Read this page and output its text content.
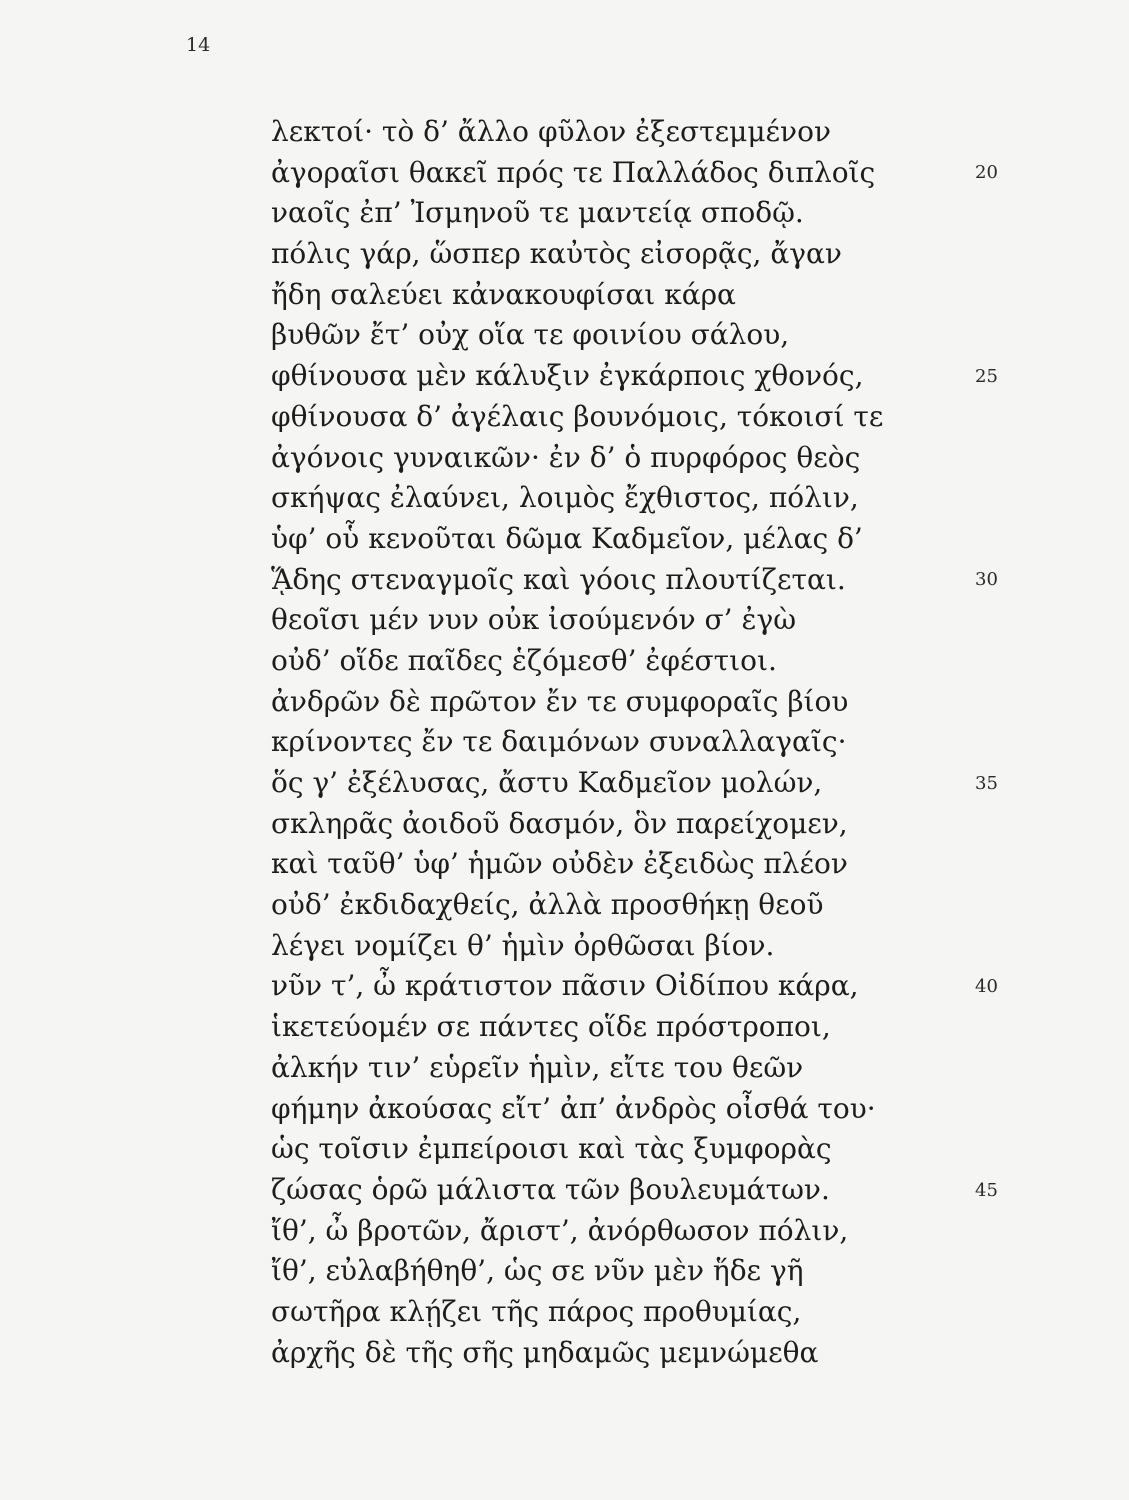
14
λεκτοί· τὸ δ’ ἄλλο φῦλον ἐξεστεμμένον
ἀγοραῖσι θακεῖ πρός τε Παλλάδος διπλοῖς
ναοῖς ἐπ’ Ἰσμηνοῦ τε μαντείᾳ σποδῷ.
πόλις γάρ, ὥσπερ καὐτὸς εἰσορᾷς, ἄγαν
ἤδη σαλεύει κἀνακουφίσαι κάρα
βυθῶν ἔτ’ οὐχ οἵα τε φοινίου σάλου,
φθίνουσα μὲν κάλυξιν ἐγκάρποις χθονός,
φθίνουσα δ’ ἀγέλαις βουνόμοις, τόκοισί τε
ἀγόνοις γυναικῶν· ἐν δ’ ὁ πυρφόρος θεὸς
σκήψας ἐλαύνει, λοιμὸς ἔχθιστος, πόλιν,
ὑφ’ οὗ κενοῦται δῶμα Καδμεῖον, μέλας δ’
ᾍδης στεναγμοῖς καὶ γόοις πλουτίζεται.
θεοῖσι μέν νυν οὐκ ἰσούμενόν σ’ ἐγὼ
οὐδ’ οἵδε παῖδες ἑζόμεσθ’ ἐφέστιοι.
ἀνδρῶν δὲ πρῶτον ἔν τε συμφοραῖς βίου
κρίνοντες ἔν τε δαιμόνων συναλλαγαῖς·
ὅς γ’ ἐξέλυσας, ἄστυ Καδμεῖον μολών,
σκληρᾶς ἀοιδοῦ δασμόν, ὃν παρείχομεν,
καὶ ταῦθ’ ὑφ’ ἡμῶν οὐδὲν ἐξειδὼς πλέον
οὐδ’ ἐκδιδαχθείς, ἀλλὰ προσθήκῃ θεοῦ
λέγει νομίζει θ’ ἡμὶν ὀρθῶσαι βίον.
νῦν τ’, ὦ κράτιστον πᾶσιν Οἰδίπου κάρα,
ἱκετεύομέν σε πάντες οἵδε πρόστροποι,
ἀλκήν τιν’ εὑρεῖν ἡμὶν, εἴτε του θεῶν
φήμην ἀκούσας εἴτ’ ἀπ’ ἀνδρὸς οἶσθά του·
ὡς τοῖσιν ἐμπείροισι καὶ τὰς ξυμφορὰς
ζώσας ὁρῶ μάλιστα τῶν βουλευμάτων.
ἴθ’, ὦ βροτῶν, ἄριστ’, ἀνόρθωσον πόλιν,
ἴθ’, εὐλαβήθηθ’, ὡς σε νῦν μὲν ἥδε γῆ
σωτῆρα κλῄζει τῆς πάρος προθυμίας,
ἀρχῆς δὲ τῆς σῆς μηδαμῶς μεμνώμεθα
20
25
30
35
40
45
